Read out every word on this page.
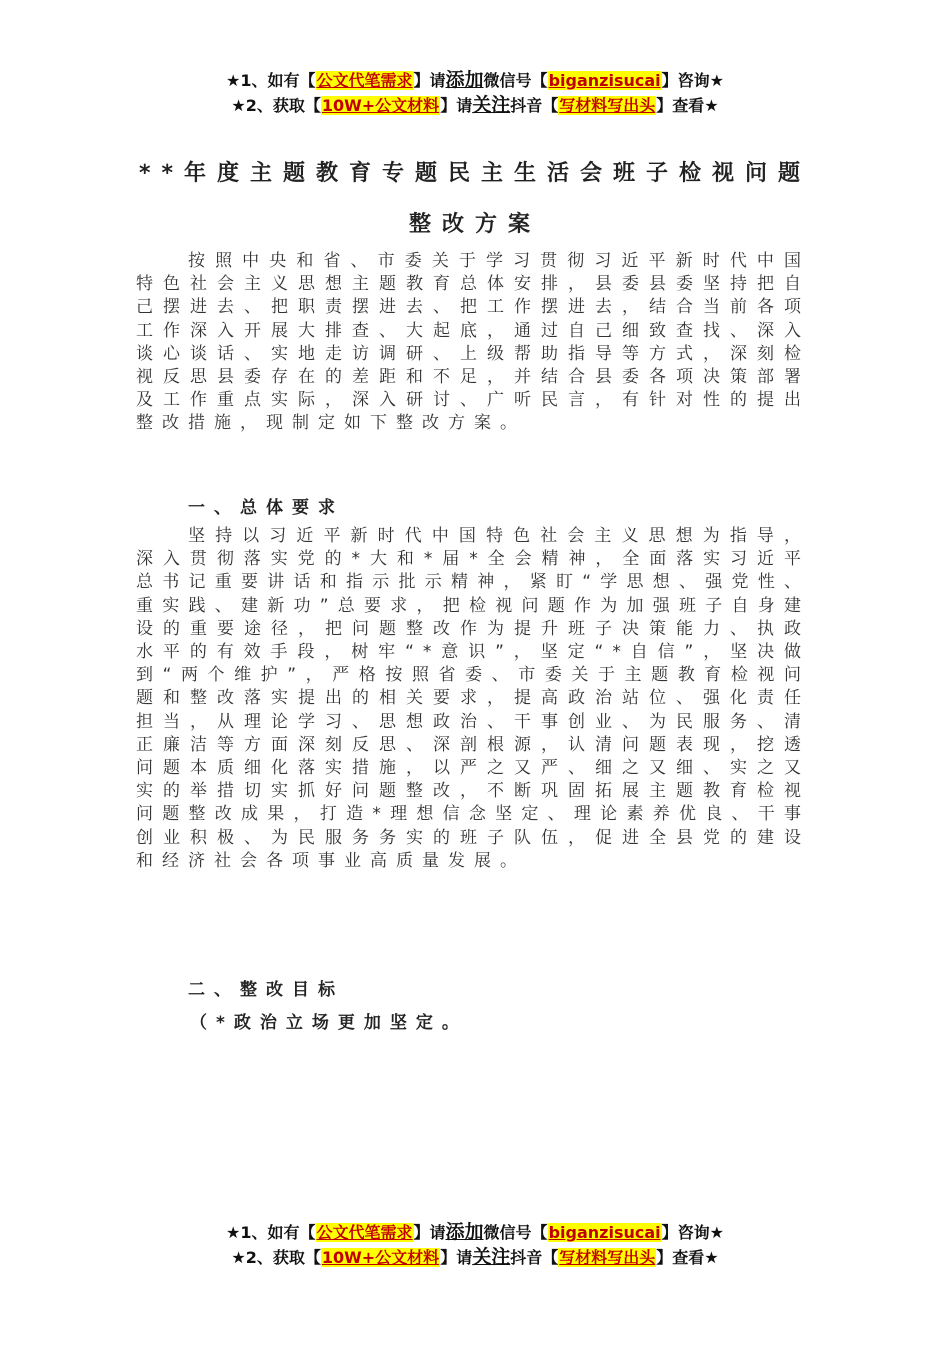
★1、如有【公文代笔需求】请添加微信号【biganzisucai】咨询★
★2、获取【10W+公文材料】请关注抖音【写材料写出头】查看★
**年度主题教育专题民主生活会班子检视问题
整改方案

按照中央和省、市委关于学习贯彻习近平新时代中国特色社会主义思想主题教育总体安排，县委县委坚持把自己摆进去、把职责摆进去、把工作摆进去，结合当前各项工作深入开展大排查、大起底，通过自己细致查找、深入谈心谈话、实地走访调研、上级帮助指导等方式，深刻检视反思县委存在的差距和不足，并结合县委各项决策部署及工作重点实际，深入研讨、广听民言，有针对性的提出整改措施，现制定如下整改方案。

一、总体要求

坚持以习近平新时代中国特色社会主义思想为指导，深入贯彻落实党的*大和*届*全会精神，全面落实习近平总书记重要讲话和指示批示精神，紧盯“学思想、强党性、重实践、建新功”总要求，把检视问题作为加强班子自身建设的重要途径，把问题整改作为提升班子决策能力、执政水平的有效手段，树牢“*意识”，坚定“*自信”，坚决做到“两个维护”，严格按照省委、市委关于主题教育检视问题和整改落实提出的相关要求，提高政治站位、强化责任担当，从理论学习、思想政治、干事创业、为民服务、清正廉洁等方面深刻反思、深剖根源，认清问题表现，挖透问题本质细化落实措施，以严之又严、细之又细、实之又实的举措切实抓好问题整改，不断巩固拓展主题教育检视问题整改成果，打造*理想信念坚定、理论素养优良、干事创业积极、为民服务务实的班子队伍，促进全县党的建设和经济社会各项事业高质量发展。

二、整改目标
（*政治立场更加坚定。
★1、如有【公文代笔需求】请添加微信号【biganzisucai】咨询★
★2、获取【10W+公文材料】请关注抖音【写材料写出头】查看★
